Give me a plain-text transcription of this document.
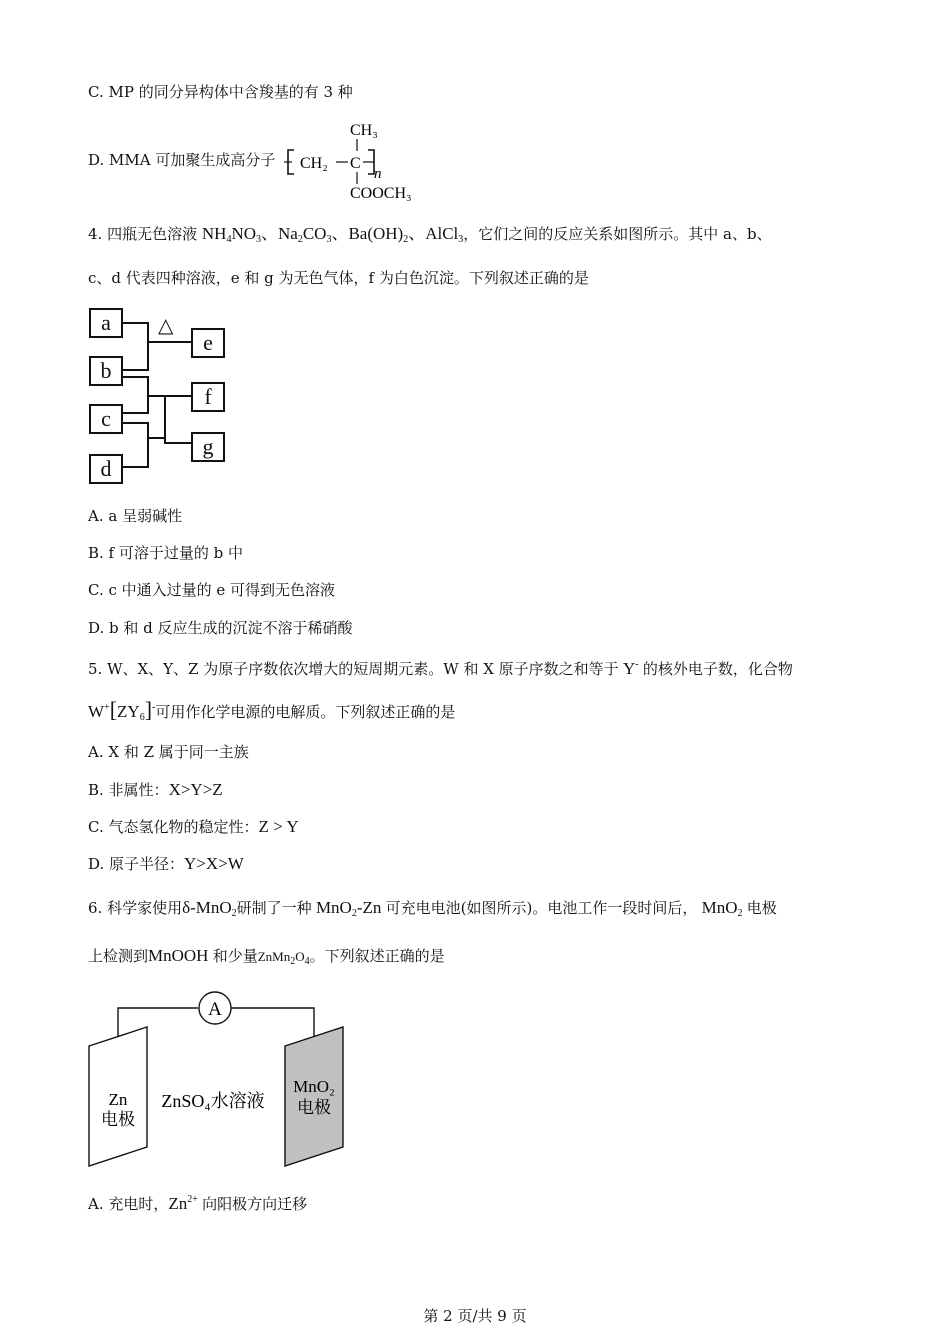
C. MP 的同分异构体中含羧基的有 3 种
D. MMA 可加聚生成高分子
CH₃
CH₂ C
n
COOCH₃
4. 四瓶无色溶液 $NH_4NO_3$、$Na_2CO_3$、$Ba(OH)_2$、AlCl$_3$，它们之间的反应关系如图所示。其中 a、b、
c、d 代表四种溶液，e 和 g 为无色气体，f 为白色沉淀。下列叙述正确的是
a
b
c
d
e
f
g
△
A. a 呈弱碱性
B. f 可溶于过量的 b 中
C. c 中通入过量的 e 可得到无色溶液
D. b 和 d 反应生成的沉淀不溶于稀硝酸
5. W、X、Y、Z 为原子序数依次增大的短周期元素。W 和 X 原子序数之和等于 Y- 的核外电子数，化合物
$W^+[ZY_6]^-$可用作化学电源的电解质。下列叙述正确的是
A. X 和 Z 属于同一主族
B. 非属性：X>Y>Z
C. 气态氢化物的稳定性：Z > Y
D. 原子半径：Y>X>W
6. 科学家使用δ-MnO$_2$研制了一种 MnO$_2$-Zn 可充电电池(如图所示)。电池工作一段时间后， MnO$_2$ 电极
上检测到MnOOH 和少量$ZnMn_2O_4$。下列叙述正确的是
A
Zn
电极
ZnSO₄水溶液
MnO₂
电极
A. 充电时，$Zn^{2+}$ 向阳极方向迁移
第 2 页/共 9 页
